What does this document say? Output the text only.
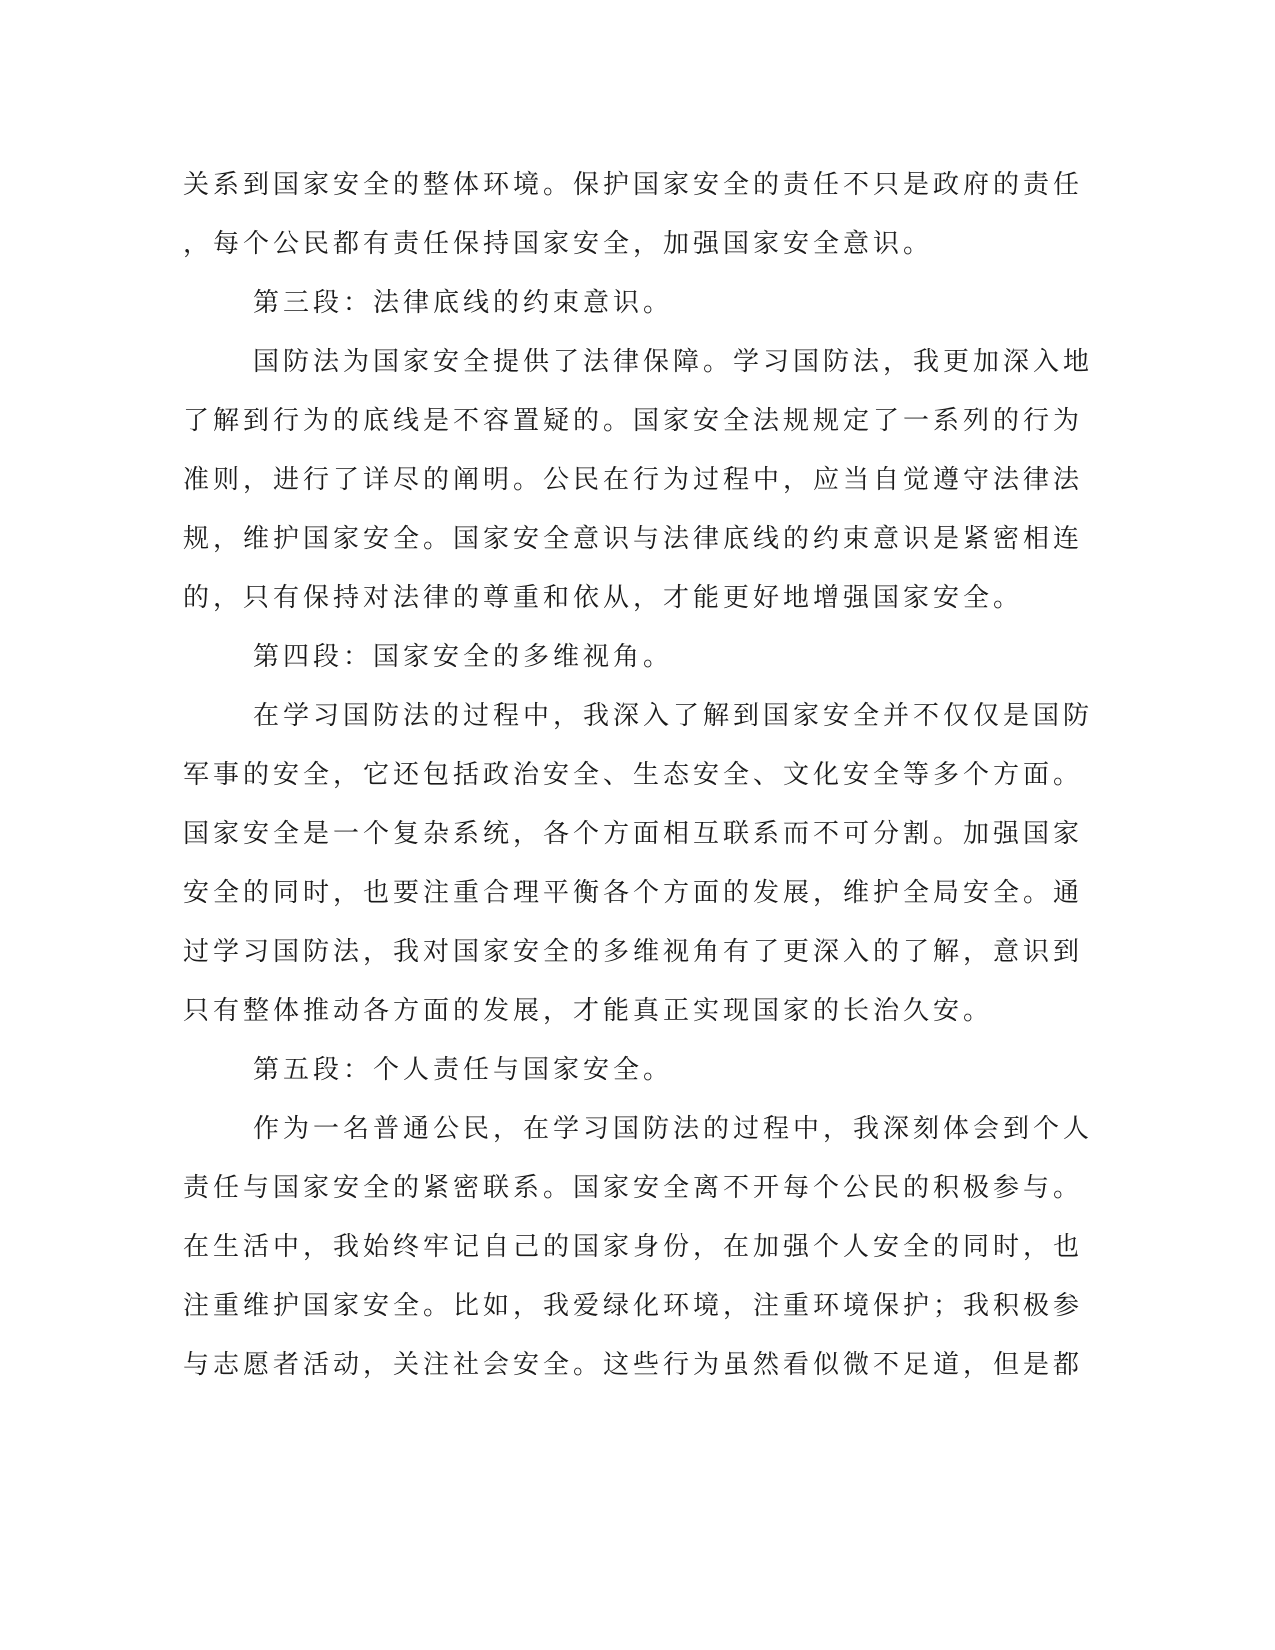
关系到国家安全的整体环境。保护国家安全的责任不只是政府的责任
，每个公民都有责任保持国家安全，加强国家安全意识。
第三段：法律底线的约束意识。
国防法为国家安全提供了法律保障。学习国防法，我更加深入地
了解到行为的底线是不容置疑的。国家安全法规规定了一系列的行为
准则，进行了详尽的阐明。公民在行为过程中，应当自觉遵守法律法
规，维护国家安全。国家安全意识与法律底线的约束意识是紧密相连
的，只有保持对法律的尊重和依从，才能更好地增强国家安全。
第四段：国家安全的多维视角。
在学习国防法的过程中，我深入了解到国家安全并不仅仅是国防
军事的安全，它还包括政治安全、生态安全、文化安全等多个方面。
国家安全是一个复杂系统，各个方面相互联系而不可分割。加强国家
安全的同时，也要注重合理平衡各个方面的发展，维护全局安全。通
过学习国防法，我对国家安全的多维视角有了更深入的了解，意识到
只有整体推动各方面的发展，才能真正实现国家的长治久安。
第五段：个人责任与国家安全。
作为一名普通公民，在学习国防法的过程中，我深刻体会到个人
责任与国家安全的紧密联系。国家安全离不开每个公民的积极参与。
在生活中，我始终牢记自己的国家身份，在加强个人安全的同时，也
注重维护国家安全。比如，我爱绿化环境，注重环境保护；我积极参
与志愿者活动，关注社会安全。这些行为虽然看似微不足道，但是都
